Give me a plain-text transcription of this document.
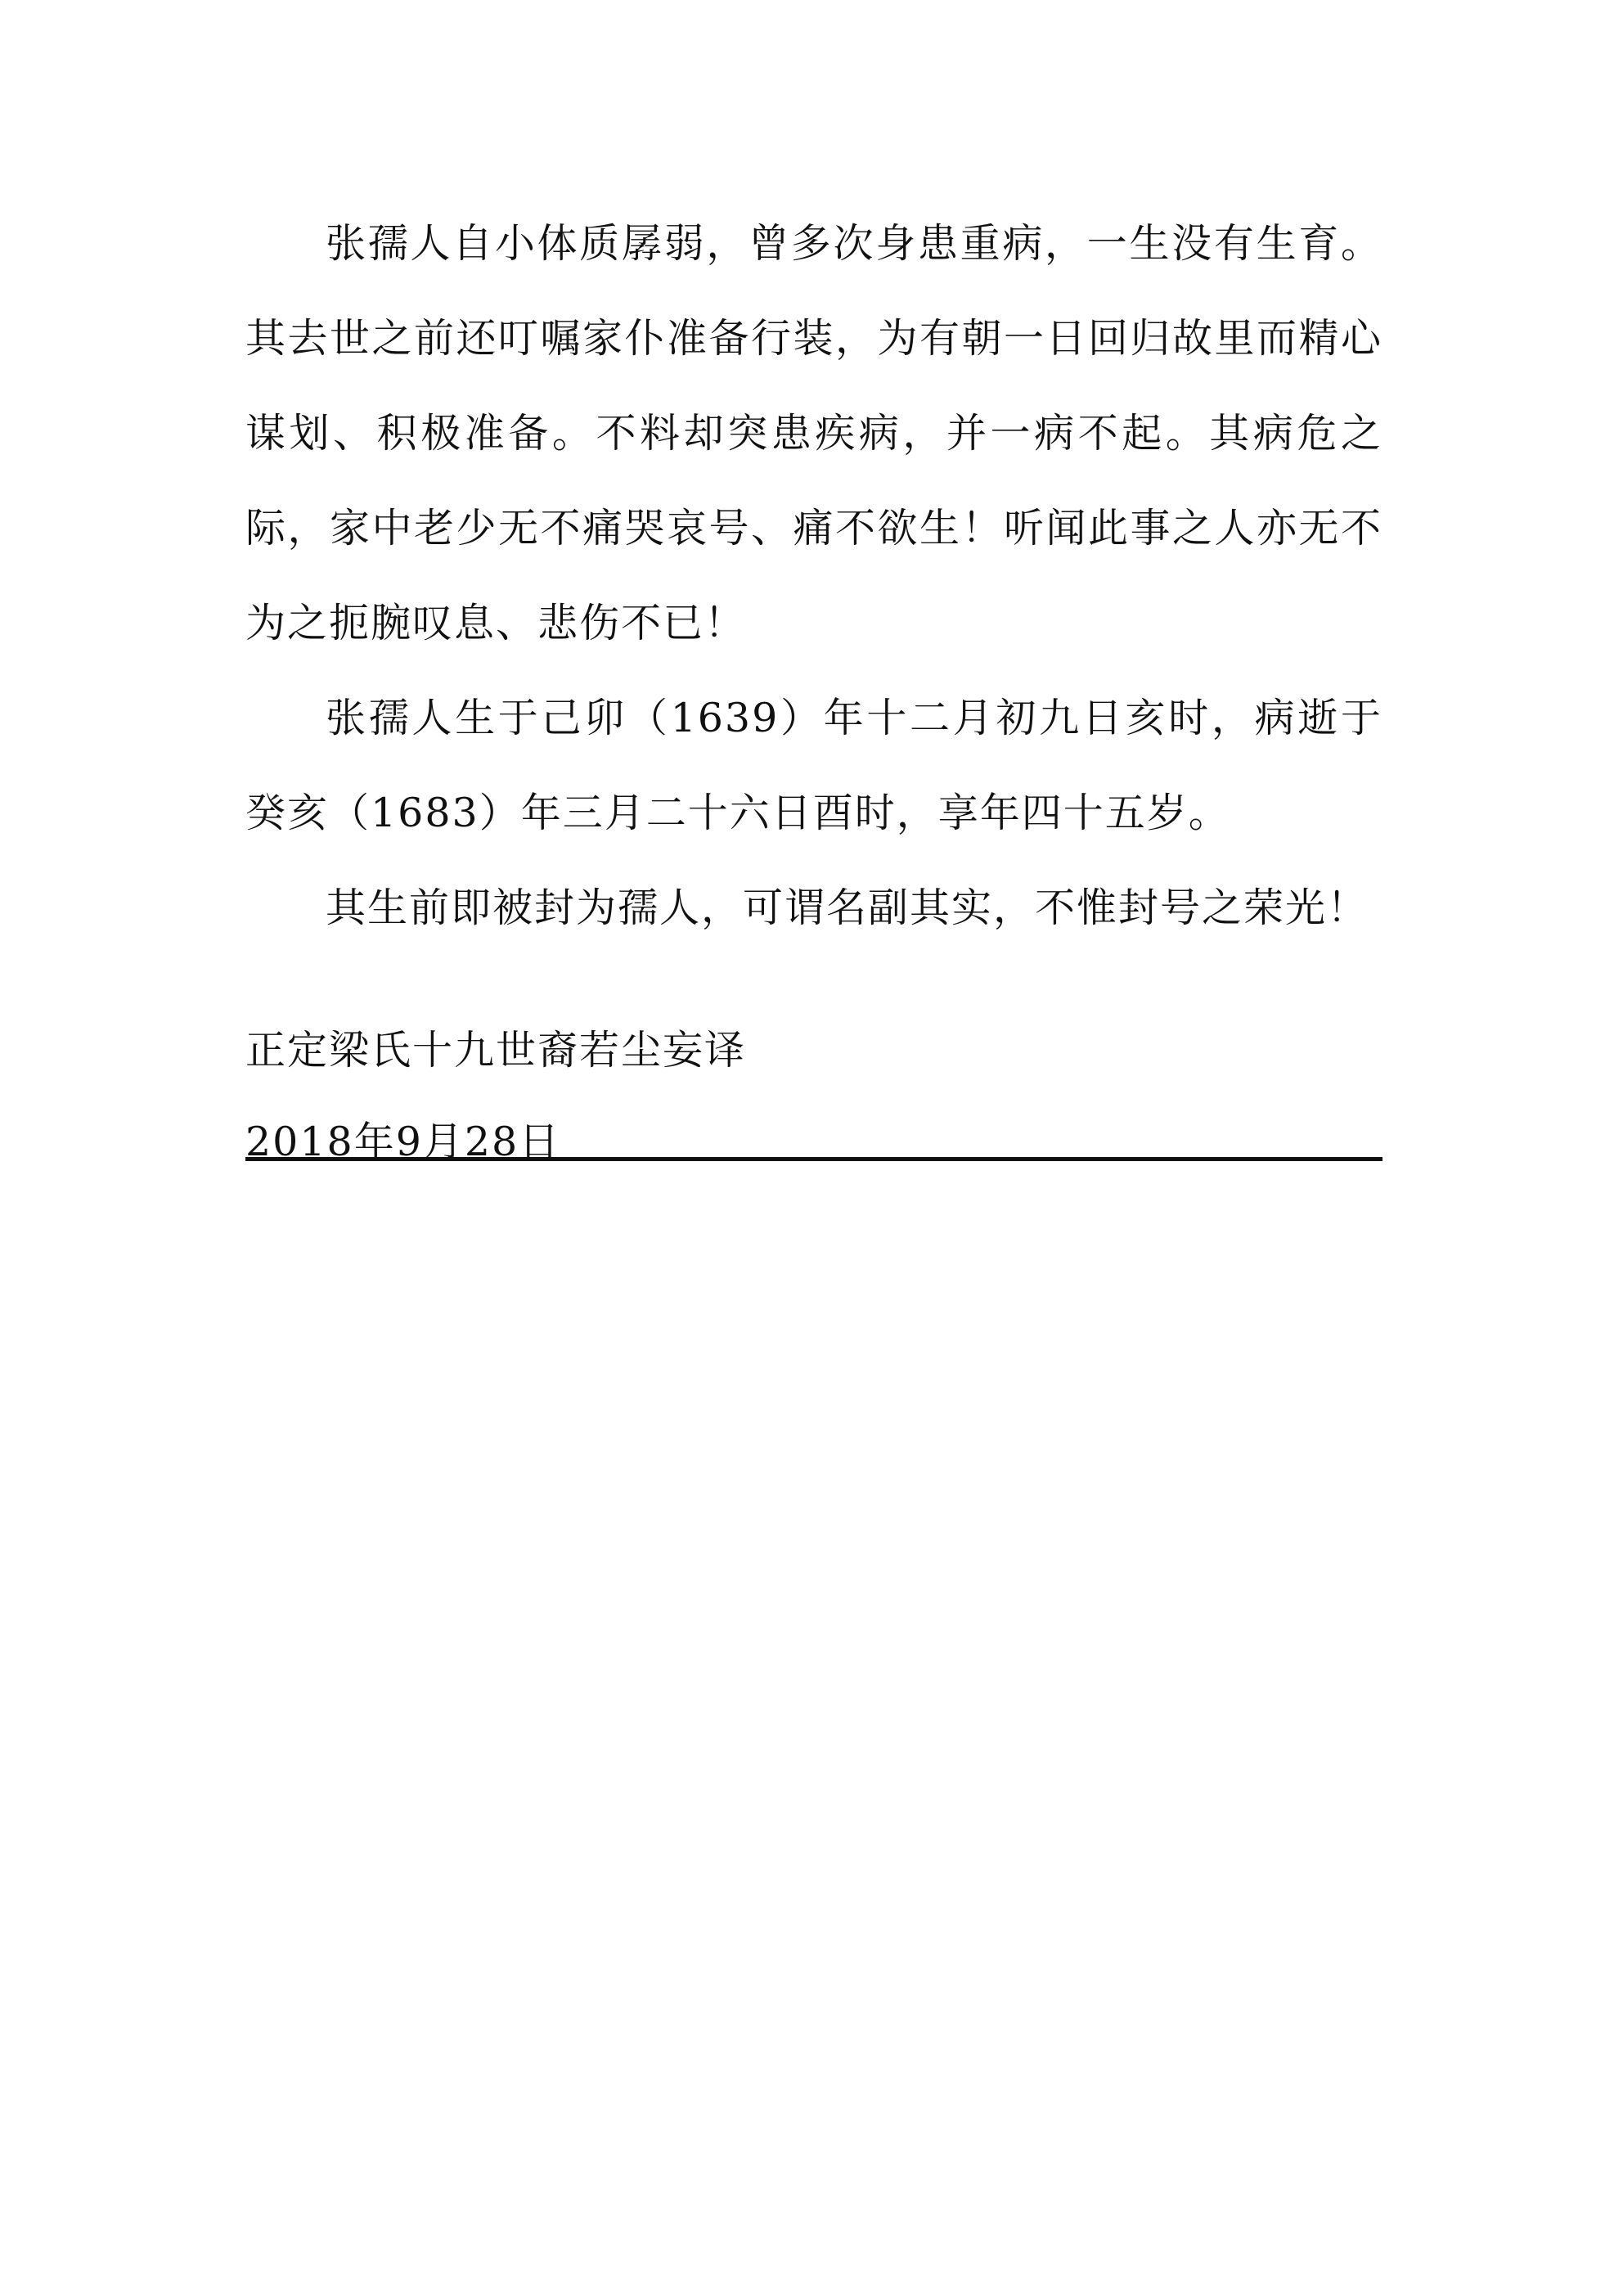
张孺人自小体质孱弱，曾多次身患重病，一生没有生育。其去世之前还叮嘱家仆准备行装，为有朝一日回归故里而精心谋划、积极准备。不料却突患疾病，并一病不起。其病危之际，家中老少无不痛哭哀号、痛不欲生！听闻此事之人亦无不为之扼腕叹息、悲伤不已！

张孺人生于己卯（1639）年十二月初九日亥时，病逝于癸亥（1683）年三月二十六日酉时，享年四十五岁。

其生前即被封为孺人，可谓名副其实，不惟封号之荣光！

正定梁氏十九世裔若尘妄译

2018年9月28日
